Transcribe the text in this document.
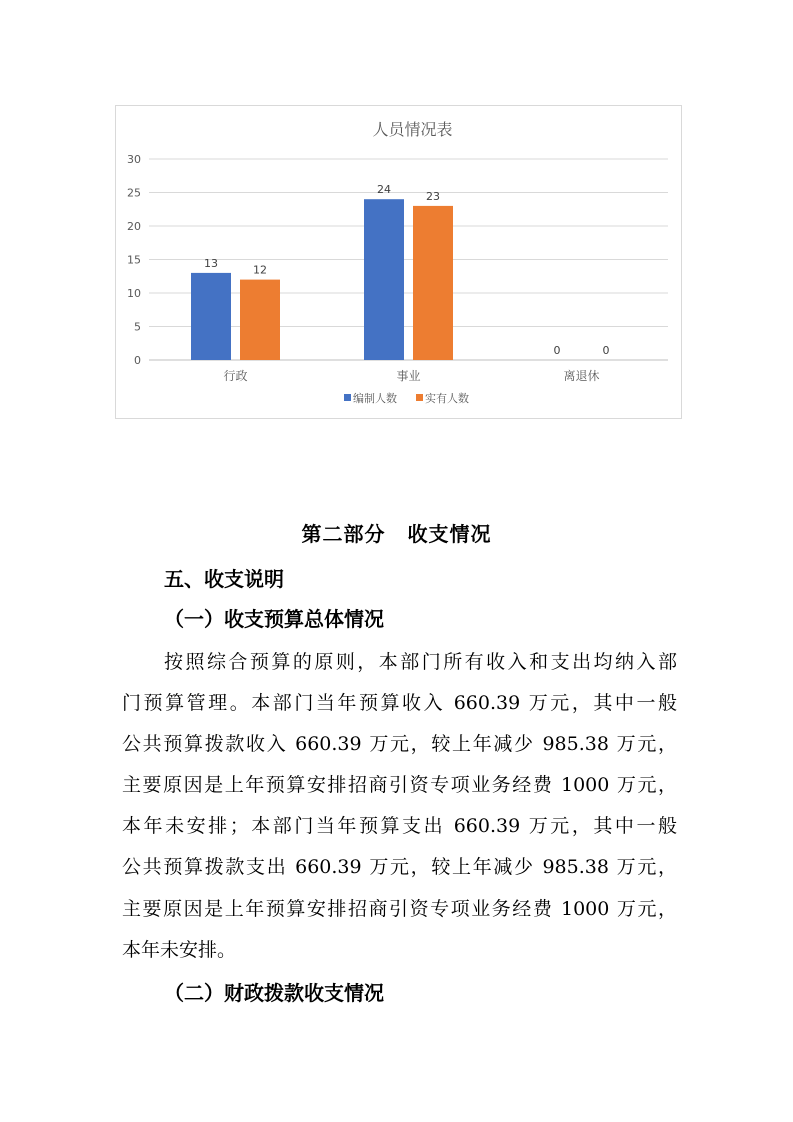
人员情况表
0
5
10
15
20
25
30
13
12
行政
24
23
事业
0	0
离退休
编制人数	实有人数
第二部分 收支情况
五、收支说明
（一）收支预算总体情况
按照综合预算的原则，本部门所有收入和支出均纳入部
门预算管理。本部门当年预算收入 660.39 万元，其中一般
公共预算拨款收入 660.39 万元，较上年减少 985.38 万元，
主要原因是上年预算安排招商引资专项业务经费 1000 万元，
本年未安排；本部门当年预算支出 660.39 万元，其中一般
公共预算拨款支出 660.39 万元，较上年减少 985.38 万元，
主要原因是上年预算安排招商引资专项业务经费 1000 万元，
本年未安排。
（二）财政拨款收支情况
